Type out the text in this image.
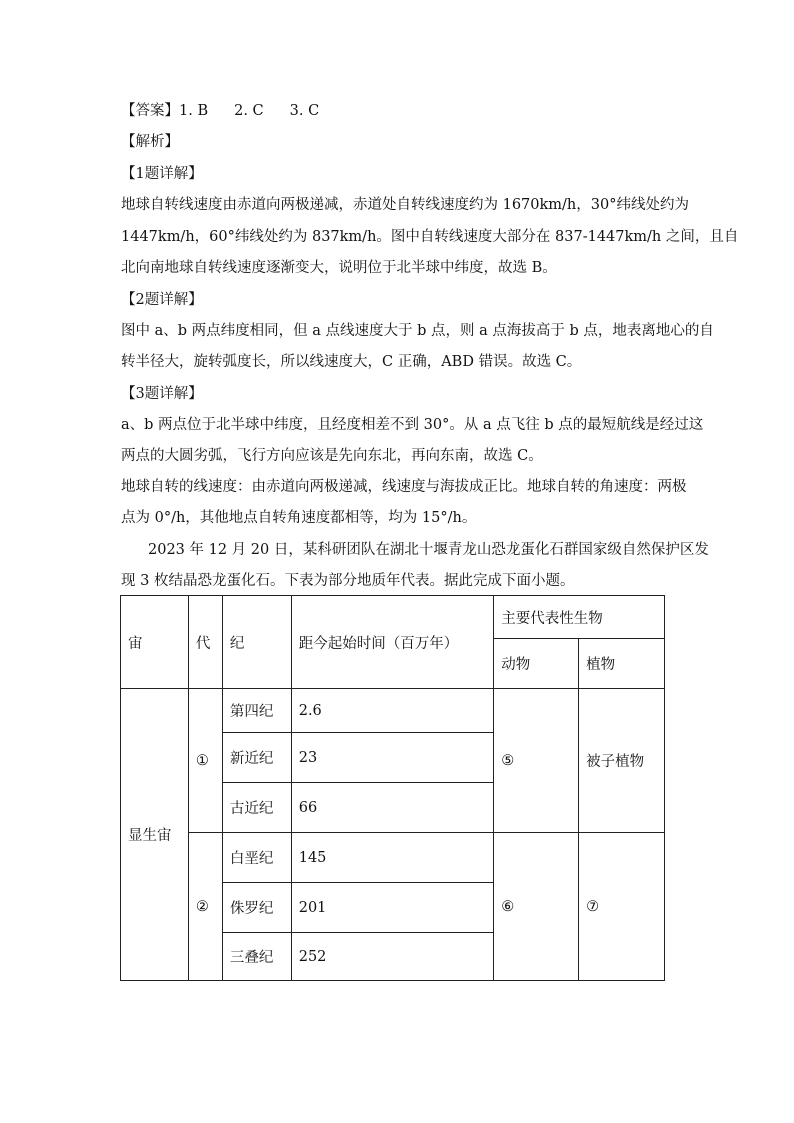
【答案】1. B 2. C 3. C
【解析】
【1题详解】
地球自转线速度由赤道向两极递减，赤道处自转线速度约为 1670km/h，30°纬线处约为
1447km/h，60°纬线处约为 837km/h。图中自转线速度大部分在 837-1447km/h 之间，且自
北向南地球自转线速度逐渐变大，说明位于北半球中纬度，故选 B。
【2题详解】
图中 a、b 两点纬度相同，但 a 点线速度大于 b 点，则 a 点海拔高于 b 点，地表离地心的自
转半径大，旋转弧度长，所以线速度大，C 正确，ABD 错误。故选 C。
【3题详解】
a、b 两点位于北半球中纬度，且经度相差不到 30°。从 a 点飞往 b 点的最短航线是经过这
两点的大圆劣弧，飞行方向应该是先向东北，再向东南，故选 C。
地球自转的线速度：由赤道向两极递减，线速度与海拔成正比。地球自转的角速度：两极
点为 0°/h，其他地点自转角速度都相等，均为 15°/h。
2023 年 12 月 20 日，某科研团队在湖北十堰青龙山恐龙蛋化石群国家级自然保护区发
现 3 枚结晶恐龙蛋化石。下表为部分地质年代表。据此完成下面小题。
宙	代	纪	距今起始时间（百万年）	主要代表性生物	
				动物	植物
显生宙	①	第四纪	2.6	⑤	被子植物
		新近纪	23		
		古近纪	66		
	②	白垩纪	145	⑥	⑦
		侏罗纪	201		
		三叠纪	252		
